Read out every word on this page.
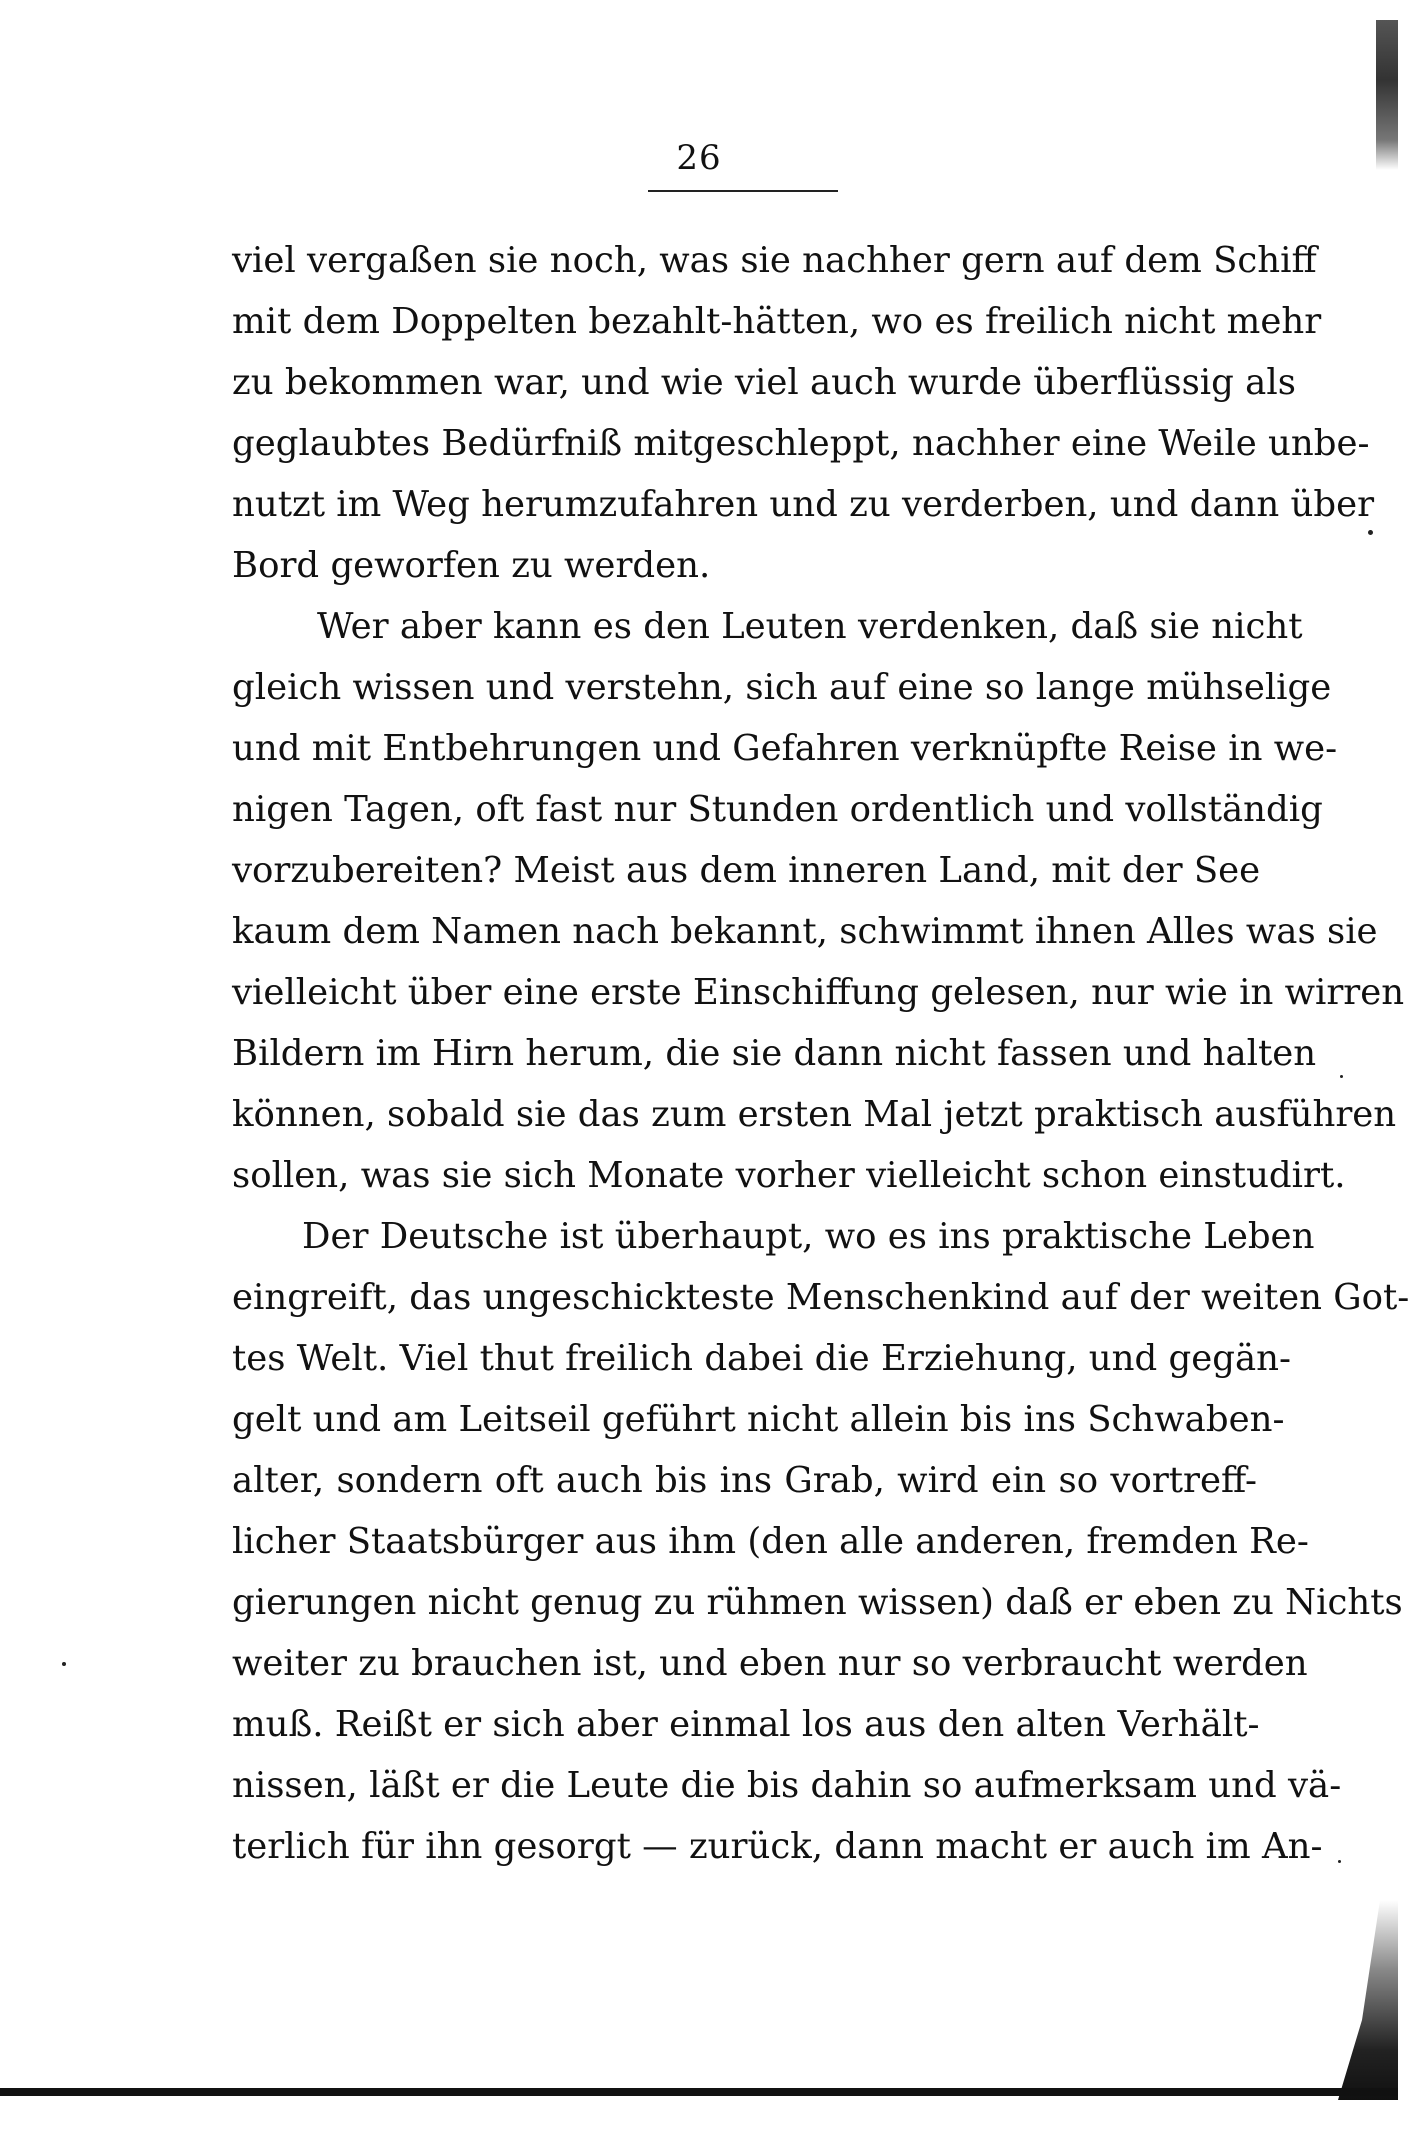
26
viel vergaßen sie noch, was sie nachher gern auf dem Schiff
mit dem Doppelten bezahlt-hätten, wo es freilich nicht mehr
zu bekommen war, und wie viel auch wurde überflüssig als
geglaubtes Bedürfniß mitgeschleppt, nachher eine Weile unbe-
nutzt im Weg herumzufahren und zu verderben, und dann über
Bord geworfen zu werden.
Wer aber kann es den Leuten verdenken, daß sie nicht
gleich wissen und verstehn, sich auf eine so lange mühselige
und mit Entbehrungen und Gefahren verknüpfte Reise in we-
nigen Tagen, oft fast nur Stunden ordentlich und vollständig
vorzubereiten? Meist aus dem inneren Land, mit der See
kaum dem Namen nach bekannt, schwimmt ihnen Alles was sie
vielleicht über eine erste Einschiffung gelesen, nur wie in wirren
Bildern im Hirn herum, die sie dann nicht fassen und halten
können, sobald sie das zum ersten Mal jetzt praktisch ausführen
sollen, was sie sich Monate vorher vielleicht schon einstudirt.
Der Deutsche ist überhaupt, wo es ins praktische Leben
eingreift, das ungeschickteste Menschenkind auf der weiten Got-
tes Welt. Viel thut freilich dabei die Erziehung, und gegän-
gelt und am Leitseil geführt nicht allein bis ins Schwaben-
alter, sondern oft auch bis ins Grab, wird ein so vortreff-
licher Staatsbürger aus ihm (den alle anderen, fremden Re-
gierungen nicht genug zu rühmen wissen) daß er eben zu Nichts
weiter zu brauchen ist, und eben nur so verbraucht werden
muß. Reißt er sich aber einmal los aus den alten Verhält-
nissen, läßt er die Leute die bis dahin so aufmerksam und vä-
terlich für ihn gesorgt — zurück, dann macht er auch im An-
